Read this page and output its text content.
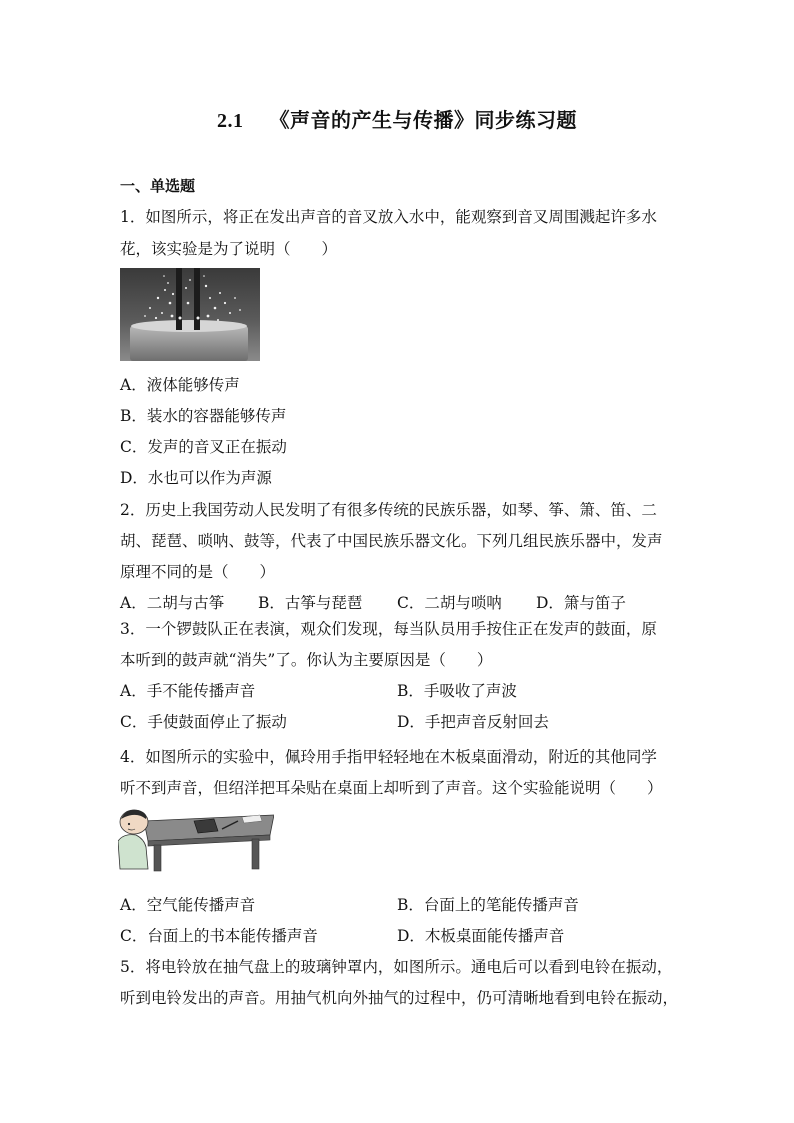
2.1 《声音的产生与传播》同步练习题
一、单选题
1．如图所示，将正在发出声音的音叉放入水中，能观察到音叉周围溅起许多水
花，该实验是为了说明（　　）
A．液体能够传声
B．装水的容器能够传声
C．发声的音叉正在振动
D．水也可以作为声源
2．历史上我国劳动人民发明了有很多传统的民族乐器，如琴、筝、箫、笛、二
胡、琵琶、唢呐、鼓等，代表了中国民族乐器文化。下列几组民族乐器中，发声
原理不同的是（　　）
A．二胡与古筝 B．古筝与琵琶 C．二胡与唢呐 D．箫与笛子
3．一个锣鼓队正在表演，观众们发现，每当队员用手按住正在发声的鼓面，原
本听到的鼓声就“消失”了。你认为主要原因是（　　）
A．手不能传播声音	B．手吸收了声波
C．手使鼓面停止了振动	D．手把声音反射回去
4．如图所示的实验中，佩玲用手指甲轻轻地在木板桌面滑动，附近的其他同学
听不到声音，但绍洋把耳朵贴在桌面上却听到了声音。这个实验能说明（　　）
A．空气能传播声音	B．台面上的笔能传播声音
C．台面上的书本能传播声音	D．木板桌面能传播声音
5．将电铃放在抽气盘上的玻璃钟罩内，如图所示。通电后可以看到电铃在振动，
听到电铃发出的声音。用抽气机向外抽气的过程中，仍可清晰地看到电铃在振动，
